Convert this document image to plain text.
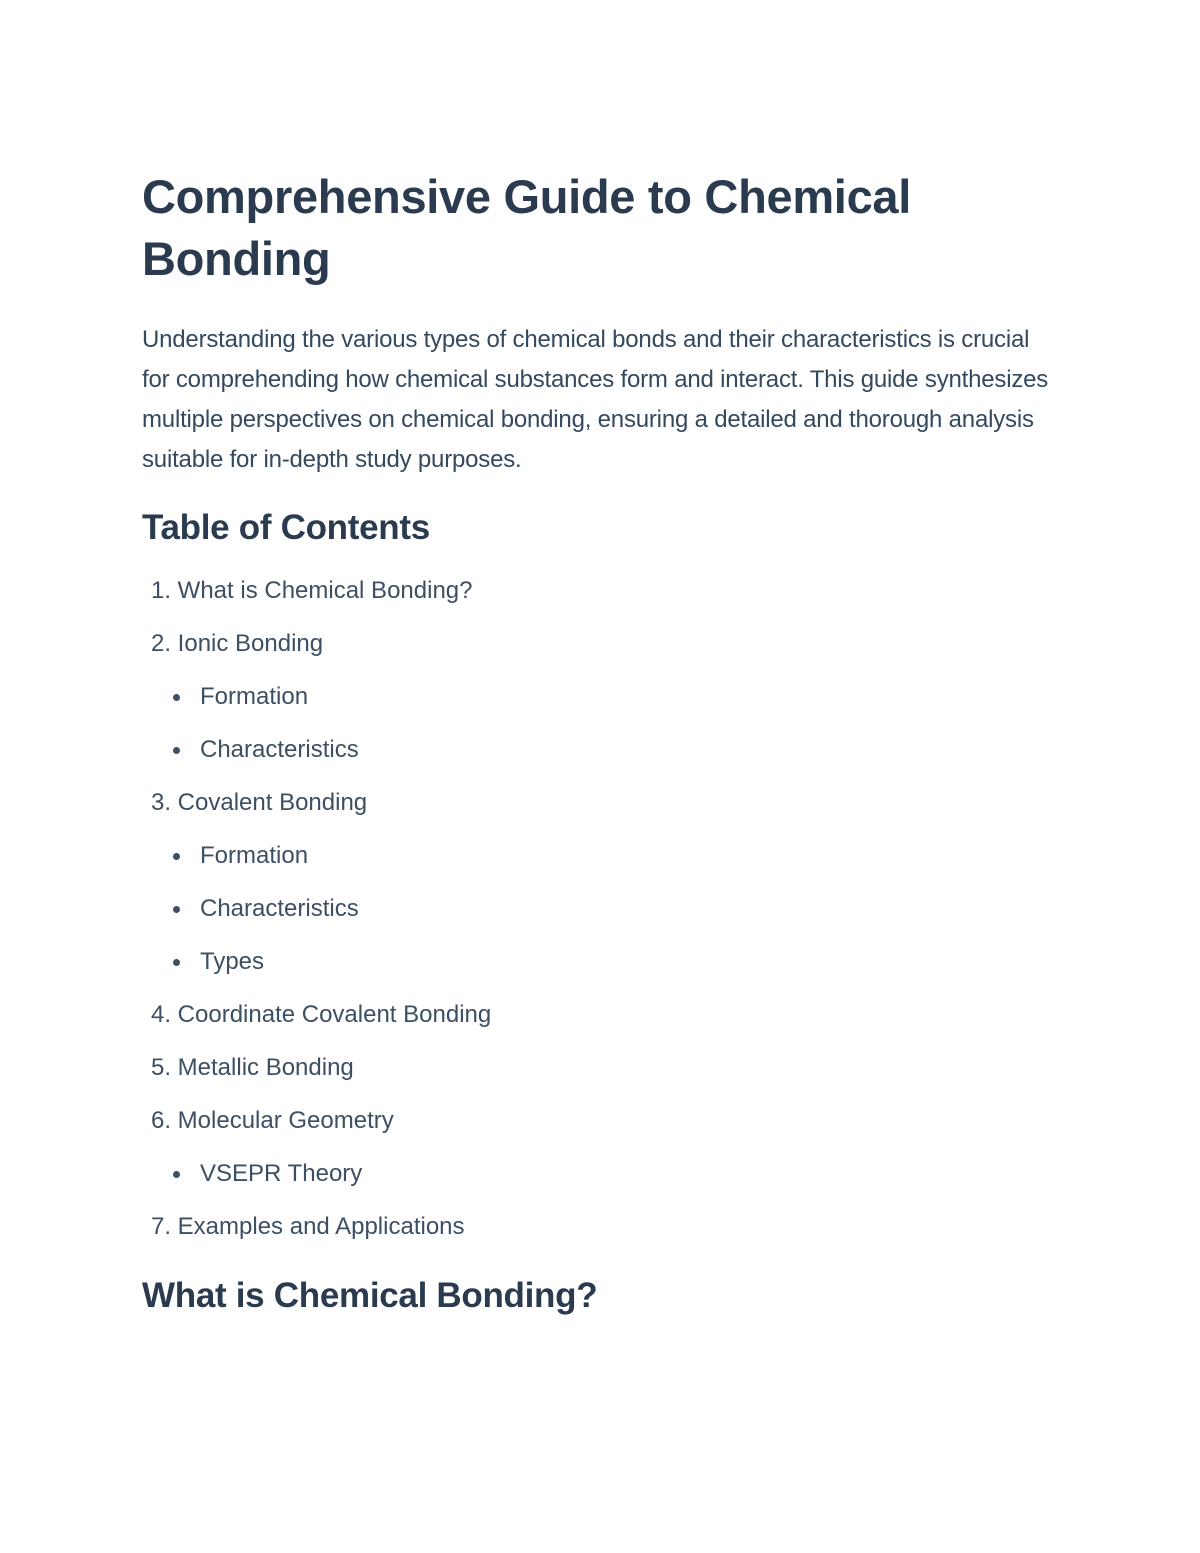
Comprehensive Guide to Chemical Bonding

Understanding the various types of chemical bonds and their characteristics is crucial for comprehending how chemical substances form and interact. This guide synthesizes multiple perspectives on chemical bonding, ensuring a detailed and thorough analysis suitable for in-depth study purposes.

Table of Contents
1. What is Chemical Bonding?
2. Ionic Bonding
Formation
Characteristics
3. Covalent Bonding
Formation
Characteristics
Types
4. Coordinate Covalent Bonding
5. Metallic Bonding
6. Molecular Geometry
VSEPR Theory
7. Examples and Applications
What is Chemical Bonding?
